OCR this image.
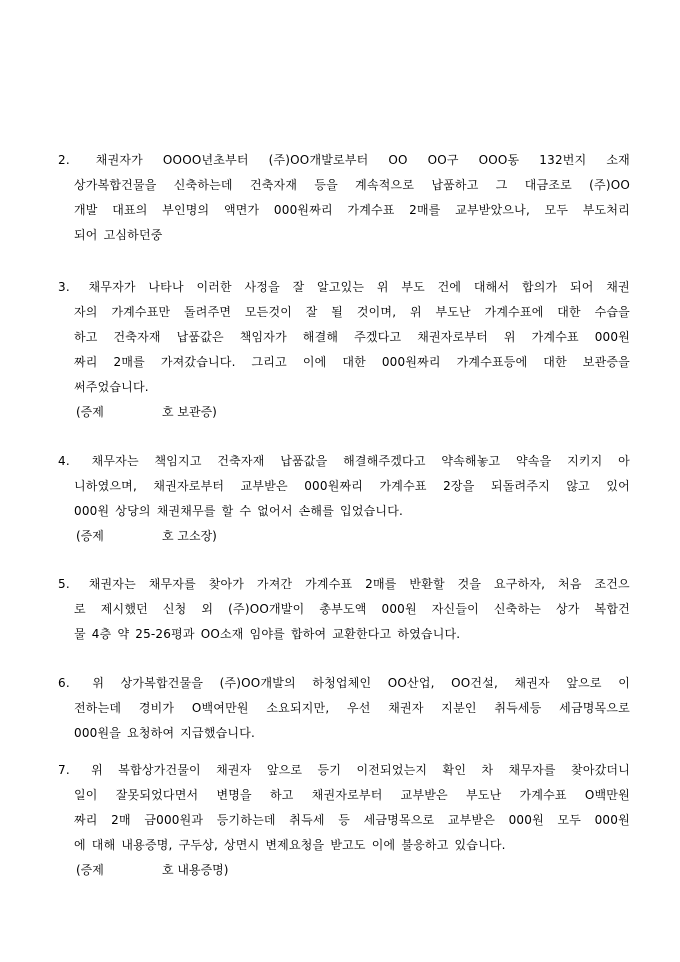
2. 채권자가 OOOO년초부터 (주)OO개발로부터 OO OO구 OOO동 132번지 소재
상가복합건물을 신축하는데 건축자재 등을 계속적으로 납품하고 그 대금조로 (주)OO
개발 대표의 부인명의 액면가 000원짜리 가계수표 2매를 교부받았으나, 모두 부도처리
되어 고심하던중
3. 채무자가 나타나 이러한 사정을 잘 알고있는 위 부도 건에 대해서 합의가 되어 채권
자의 가계수표만 돌려주면 모든것이 잘 될 것이며, 위 부도난 가계수표에 대한 수습을
하고 건축자재 납품값은 책임자가 해결해 주겠다고 채권자로부터 위 가계수표 000원
짜리 2매를 가져갔습니다. 그리고 이에 대한 000원짜리 가계수표등에 대한 보관증을
써주었습니다.
(증제	호 보관증)
4. 채무자는 책임지고 건축자재 납품값을 해결해주겠다고 약속해놓고 약속을 지키지 아
니하였으며, 채권자로부터 교부받은 000원짜리 가계수표 2장을 되돌려주지 않고 있어
000원 상당의 채권채무를 할 수 없어서 손해를 입었습니다.
(증제	호 고소장)
5. 채권자는 채무자를 찾아가 가져간 가계수표 2매를 반환할 것을 요구하자, 처음 조건으
로 제시했던 신청 외 (주)OO개발이 총부도액 000원 자신들이 신축하는 상가 복합건
물 4층 약 25-26평과 OO소재 임야를 합하여 교환한다고 하였습니다.
6. 위 상가복합건물을 (주)OO개발의 하청업체인 OO산업, OO건설, 채권자 앞으로 이
전하는데 경비가 O백여만원 소요되지만, 우선 채권자 지분인 취득세등 세금명목으로
000원을 요청하여 지급했습니다.
7. 위 복합상가건물이 채권자 앞으로 등기 이전되었는지 확인 차 채무자를 찾아갔더니
일이 잘못되었다면서 변명을 하고 채권자로부터 교부받은 부도난 가계수표 O백만원
짜리 2매 금000원과 등기하는데 취득세 등 세금명목으로 교부받은 000원 모두 000원
에 대해 내용증명, 구두상, 상면시 변제요청을 받고도 이에 불응하고 있습니다.
(증제	호 내용증명)
